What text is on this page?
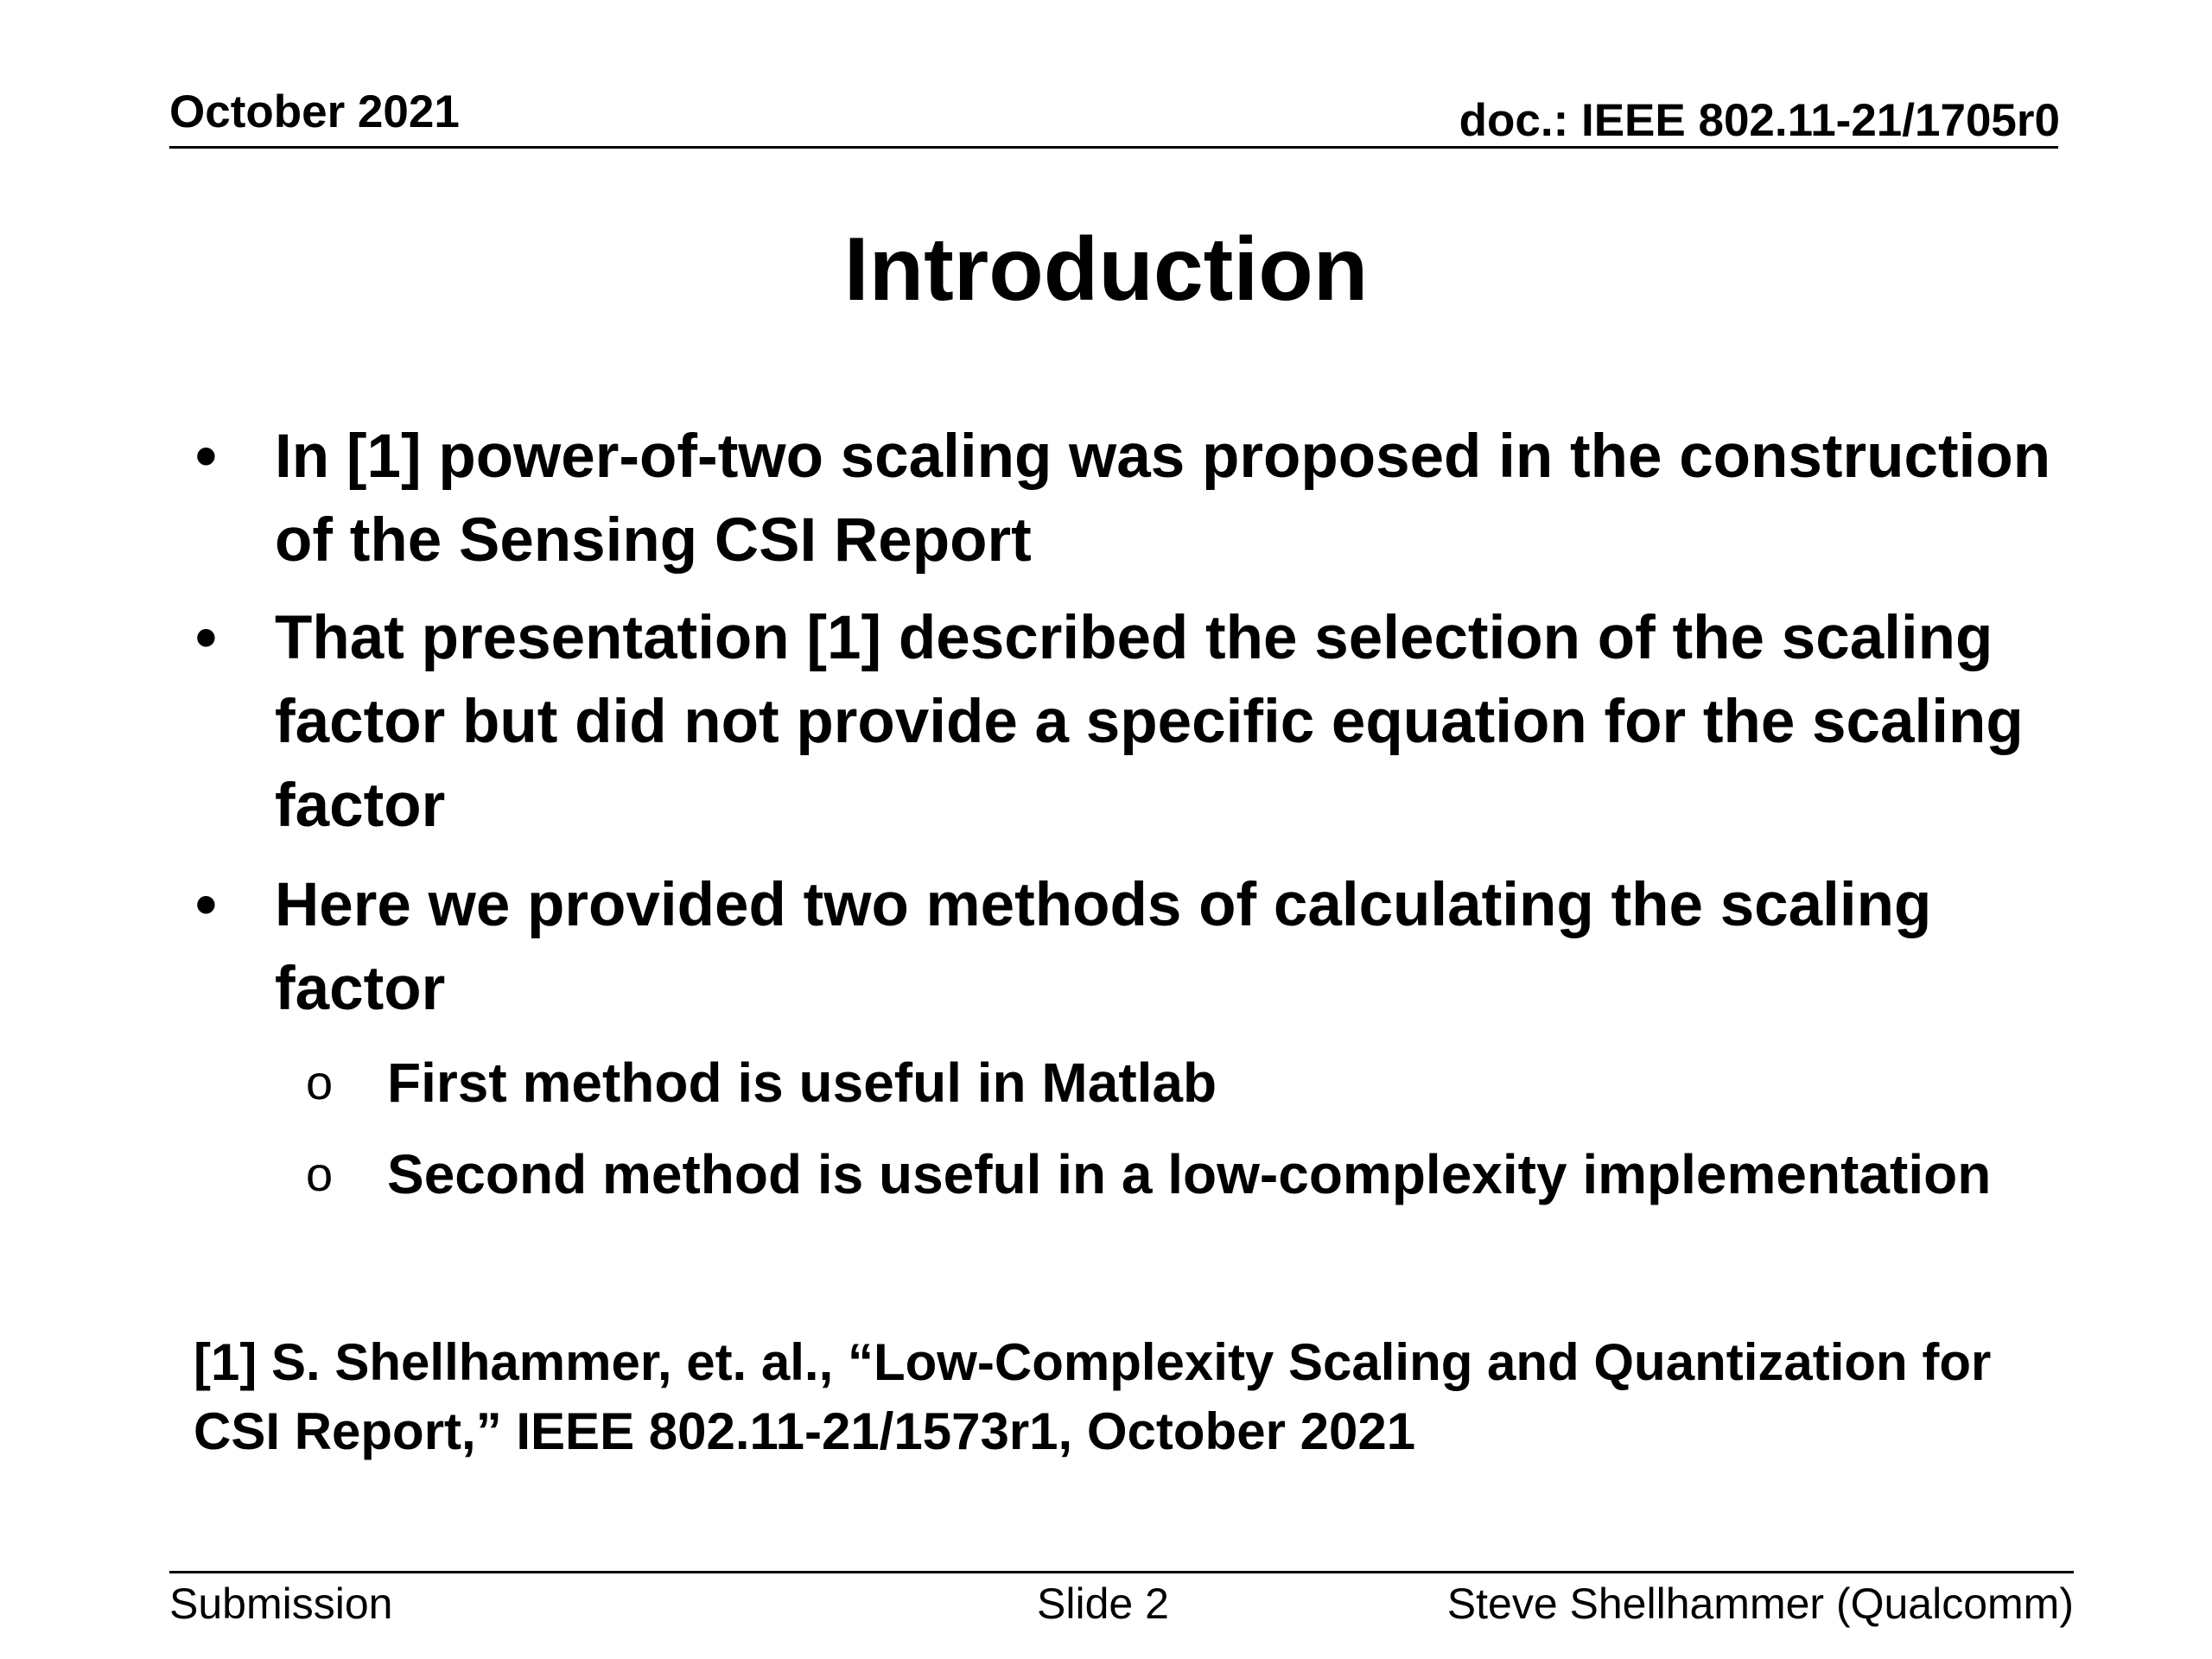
October 2021	doc.: IEEE 802.11-21/1705r0
Introduction
• In [1] power-of-two scaling was proposed in the construction of the Sensing CSI Report
• That presentation [1] described the selection of the scaling factor but did not provide a specific equation for the scaling factor
• Here we provided two methods of calculating the scaling factor
o First method is useful in Matlab
o Second method is useful in a low-complexity implementation
[1] S. Shellhammer, et. al., “Low-Complexity Scaling and Quantization for CSI Report,” IEEE 802.11-21/1573r1, October 2021
Submission	Slide 2	Steve Shellhammer (Qualcomm)
